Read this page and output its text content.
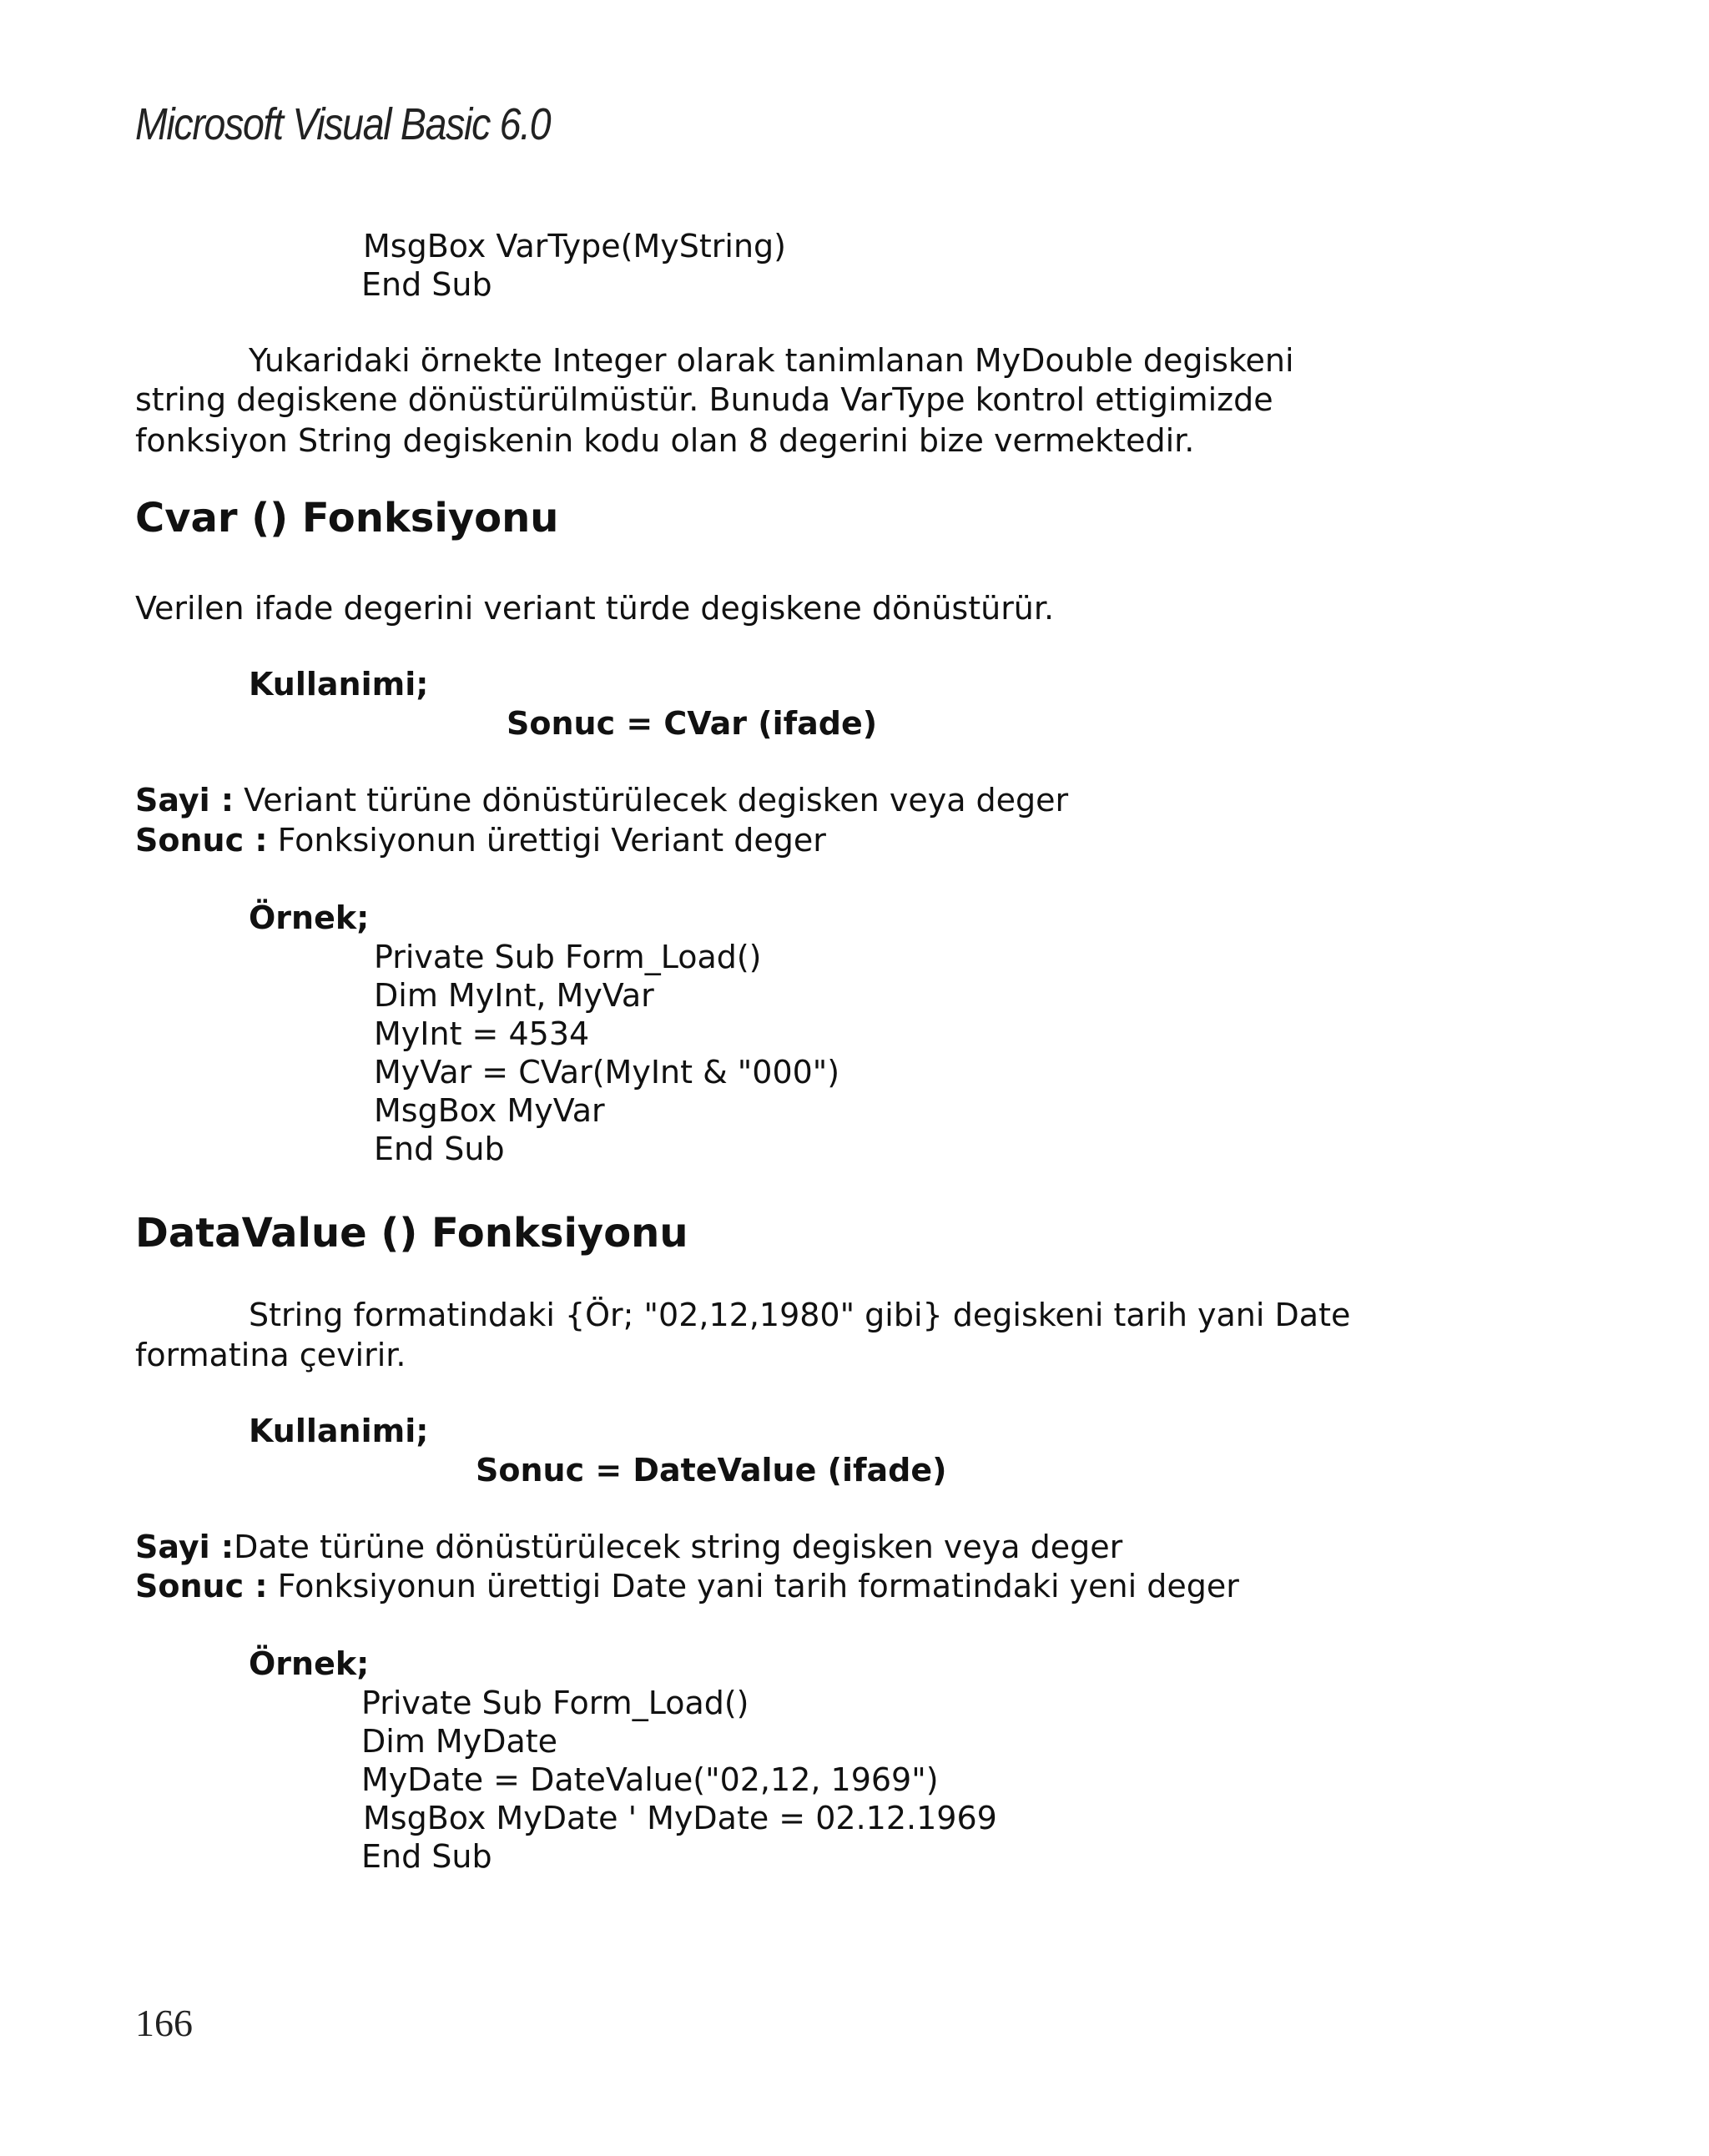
Microsoft Visual Basic 6.0
MsgBox VarType(MyString)
End Sub
Yukaridaki örnekte Integer olarak tanimlanan MyDouble degiskeni
string degiskene dönüstürülmüstür. Bunuda VarType kontrol ettigimizde
fonksiyon String degiskenin kodu olan 8 degerini bize vermektedir.
Cvar () Fonksiyonu
Verilen ifade degerini veriant türde degiskene dönüstürür.
Kullanimi;
Sonuc = CVar (ifade)
Sayi : Veriant türüne dönüstürülecek degisken veya deger
Sonuc : Fonksiyonun ürettigi Veriant deger
Örnek;
Private Sub Form_Load()
Dim MyInt, MyVar
MyInt = 4534
MyVar = CVar(MyInt & "000")
MsgBox MyVar
End Sub
DataValue () Fonksiyonu
String formatindaki {Ör; "02,12,1980" gibi} degiskeni tarih yani Date
formatina çevirir.
Kullanimi;
Sonuc = DateValue (ifade)
Sayi :Date türüne dönüstürülecek string degisken veya deger
Sonuc : Fonksiyonun ürettigi Date yani tarih formatindaki yeni deger
Örnek;
Private Sub Form_Load()
Dim MyDate
MyDate = DateValue("02,12, 1969")
MsgBox MyDate ' MyDate = 02.12.1969
End Sub
166
